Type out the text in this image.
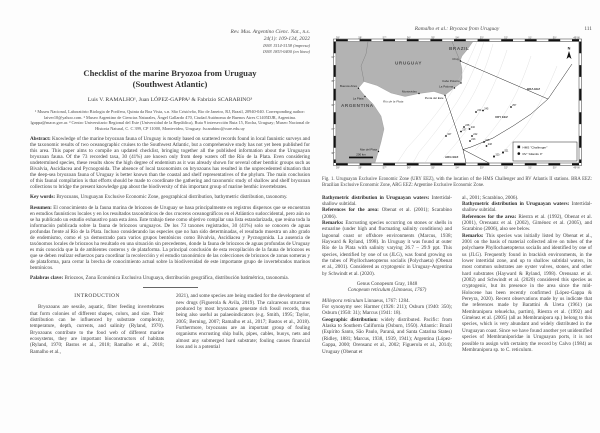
Rev. Mus. Argentino Cienc. Nat., n.s.
24(1): 109-134, 2022
ISSN 1514-5158 (impresa)
ISSN 1853-0400 (en línea)
Checklist of the marine Bryozoa from Uruguay
(Southwest Atlantic)
Luis V. RAMALHO¹, Juan LÓPEZ-GAPPA² & Fabrizio SCARABINO³
¹ Museu Nacional, Laboratório Biologia de Porífera, Quinta da Boa Vista, s.n. São Cristóvão, Rio de Janeiro, RJ, Brazil, 20940-040. Corresponding author: laiver10@yahoo.com. ² Museo Argentino de Ciencias Naturales, Ángel Gallardo 470, Ciudad Autónoma de Buenos Aires C1405DJR, Argentina. lgappa@macn.gov.ar. ³ Centro Universitario Regional del Este (Universidad de la República), Ruta 9 intersección Ruta 15, Rocha, Uruguay; Museo Nacional de Historia Natural, C. C 399, CP 11000, Montevideo, Uruguay. fscarabino@cure.edu.uy

Abstract: Knowledge of the marine bryozoan fauna of Uruguay is mostly based on scattered records found in local faunistic surveys and the taxonomic results of two oceanographic cruises to the Southwest Atlantic, but a comprehensive study has not yet been published for this area. This paper aims to compile an updated checklist, bringing together all the published information about the Uruguayan bryozoan fauna. Of the 73 recorded taxa, 30 (41%) are known only from deep waters off the Río de la Plata. Even considering undetermined species, these results show the high degree of endemism as it was already shown for several other benthic groups such as Bivalvia, Ascidiacea and Pycnogonida. The absence of local taxonomists on bryozoans has resulted in the unprecedented situation that the deep-sea bryozoan fauna of Uruguay is better known than the coastal and shelf representatives of the phylum. The main conclusion of this faunal compilation is that efforts should be made to coordinate the gathering and taxonomic study of shallow and shelf bryozoan collections to bridge the present knowledge gap about the biodiversity of this important group of marine benthic invertebrates.

Key words: Bryozoans, Uruguayan Exclusive Economic Zone, geographical distribution, bathymetric distribution, taxonomy.

Resumen: El conocimiento de la fauna marina de briozoos de Uruguay se basa principalmente en registros dispersos que se encuentran en estudios faunísticos locales y en los resultados taxonómicos de dos cruceros oceanográficos en el Atlántico sudoccidental, pero aún no se ha publicado un estudio exhaustivo para esta área. Este trabajo tiene como objetivo compilar una lista estandarizada, que reúna toda la información publicada sobre la fauna de briozoos uruguayos. De los 73 taxones registrados, 30 (41%) solo se conocen de aguas profundas frente al Río de la Plata. Incluso considerando las especies que no han sido determinadas, el resultado muestra un alto grado de endemismo, como el ya demostrado para varios grupos bentónicos como Bivalvia, Ascidiacea y Pycnogonida. La ausencia de taxónomos locales de briozoos ha resultado en una situación sin precedentes, donde la fauna de briozoos de aguas profundas de Uruguay es más conocida que la de ambientes costeros y de plataforma. La principal conclusión de esta recopilación de la fauna de briozoos es que se deben realizar esfuerzos para coordinar la recolección y el estudio taxonómico de las colecciones de briozoos de zonas someras y de plataforma, para cerrar la brecha de conocimiento actual sobre la biodiversidad de este importante grupo de invertebrados marinos bentónicos.

Palabras clave: Briozoos, Zona Económica Exclusiva Uruguaya, distribución geográfica, distribución batimétrica, taxonomía.

INTRODUCTION

Bryozoans are sessile, aquatic, filter feeding invertebrates that form colonies of different shapes, colors, and size. Their distribution can be influenced by substrate complexity, temperature, depth, currents, and salinity (Ryland, 1970). Bryozoans contribute to the food web of different marine ecosystems, they are important bioconstructors of habitats (Ryland, 1970; Bastos et al., 2018; Ramalho et al., 2018; Ramalho et al.,

2021), and some species are being studied for the development of new drugs (Figuerola & Avila, 2019). The calcareous structures produced by most bryozoans generate rich fossil records, thus being also useful as palaeoindicators (e.g. Smith, 1995; Taylor, 2005; Berning, 2007; Ramalho et al., 2017; Bastos et al., 2018). Furthermore, bryozoans are an important group of fouling organisms encrusting ship hulls, pipes, cables, buoys, nets and almost any submerged hard substrate; fouling causes financial loss and is a potential

Ramalho et al.: Bryozoa from Uruguay	111
59°
59°
58°
58°
57°
57°
56°
56°
55°
55°
54°
54°
53°
53°
52°
52°
51°
51°
50°
50°
49°W
49°W
34°
35°
36°
37°
38°
URUGUAY
ARGENTINA
BRAZIL
Río de la Plata
BRA EEZ
URY EEZ
ARG EEZ
Buenos Aires
La Plata
Montevideo
Punta del Este
La Paloma
Cabo Polonio
Chuy
Mar del Plata
244 245
238
240
237
242
243	246
248
327
257
320
321
N
200 km
HMS "Challenger"
RV "Atlantis II"

Fig. 1. Uruguayan Exclusive Economic Zone (URY EEZ), with the location of the HMS Challenger and RV Atlantis II stations. BRA EEZ: Brazilian Exclusive Economic Zone, ARG EEZ: Argentine Exclusive Economic Zone.

Bathymetric distribution in Uruguayan waters: Intertidal-shallow subtidal.

References for the area: Obenat et al. (2001); Scarabino (2006).

Remarks: Encrusting species occurring on stones or shells in estuarine (under high and fluctuating salinity conditions) and lagoonal coast or offshore environments (Marcus, 1938; Hayward & Ryland, 1998). In Uruguay it was found at outer Río de la Plata with salinity varying 26.7 – 29.9 ppt. This species, identified by one of us (JLG), was found growing on the tubes of Phyllochaetopterus socialis (Polychaeta) (Obenat et al., 2001). Considered as cryptogenic in Uruguay-Argentina by Schwindt et al. (2020).

Genus Conopeum Gray, 1848
Conopeum reticulum (Linnaeus, 1767)

Millepora reticulum Linnaeus, 1767: 1284.

For synonymy see: Harmer (1926: 211); Osburn (1940: 350); Osburn (1950: 31); Marcus (1941: 18).

Geographic distribution: widely distributed. Pacific: from Alaska to Southern California (Osburn, 1950). Atlantic: Brazil (Espírito Santo, São Paulo, Paraná, and Santa Catarina States) (Ridley, 1881; Marcus, 1938, 1939, 1941); Argentina (López-Gappa, 2000; Orensanz et al., 2002; Figuerola et al., 2014); Uruguay (Obenat et

al., 2001; Scarabino, 2006).

Bathymetric distribution in Uruguayan waters: Intertidal-shallow subtidal.

References for the area: Riestra et al. (1992), Obenat et al. (2001), Orensanz et al. (2002), Giménez et al. (2005), and Scarabino (2006), also see below.

Remarks: This species was initially listed by Obenat et al., 2001 on the basis of material collected alive on tubes of the polychaete Phyllochaetopterus socialis and identified by one of us (JLG). Frequently found in brackish environments, in the lower intertidal zone, and up to shallow subtidal waters, its most common substrates are oyster valves, stones, and other hard substrates (Hayward & Ryland, 1998). Orensanz et al. (2002) and Schwindt et al. (2020) considered this species as cryptogenic, but its presence in the area since the mid-Holocene has been recently confirmed (López-Gappa & Pereyra, 2020). Recent observations made by us indicate that the references made by Barattini & Ureta (1961) (as Membranipora tehuelcha, partim), Riestra et al. (1992) and Giménez et al. (2005) (all as Membranipora sp.) belong to this species, which is very abundant and widely distributed in the Uruguayan coast. Since we have found another yet unidentified species of Membraniporidae in Uruguayan ports, it is not possible to assign with certainty the record by Calvo (1984) as Membranipora sp. to C. reticulum.
